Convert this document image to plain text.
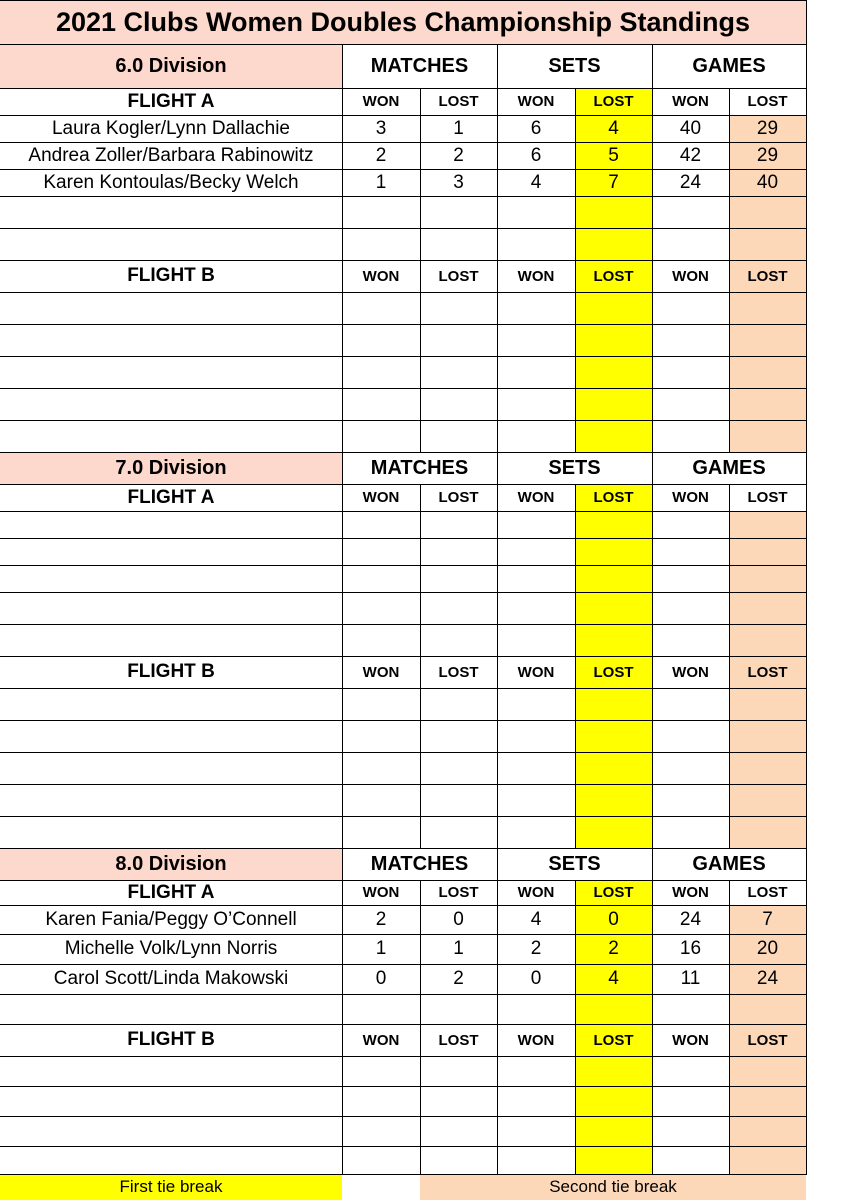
2021 Clubs Women Doubles Championship Standings
6.0 Division	MATCHES	SETS	GAMES
FLIGHT A	WON	LOST	WON	LOST	WON	LOST
Laura Kogler/Lynn Dallachie	3	1	6	4	40	29
Andrea Zoller/Barbara Rabinowitz	2	2	6	5	42	29
Karen Kontoulas/Becky Welch	1	3	4	7	24	40
FLIGHT B	WON	LOST	WON	LOST	WON	LOST
7.0 Division	MATCHES	SETS	GAMES
FLIGHT A	WON	LOST	WON	LOST	WON	LOST
FLIGHT B	WON	LOST	WON	LOST	WON	LOST
8.0 Division	MATCHES	SETS	GAMES
FLIGHT A	WON	LOST	WON	LOST	WON	LOST
Karen Fania/Peggy O’Connell	2	0	4	0	24	7
Michelle Volk/Lynn Norris	1	1	2	2	16	20
Carol Scott/Linda Makowski	0	2	0	4	11	24
FLIGHT B	WON	LOST	WON	LOST	WON	LOST
First tie break	Second tie break
